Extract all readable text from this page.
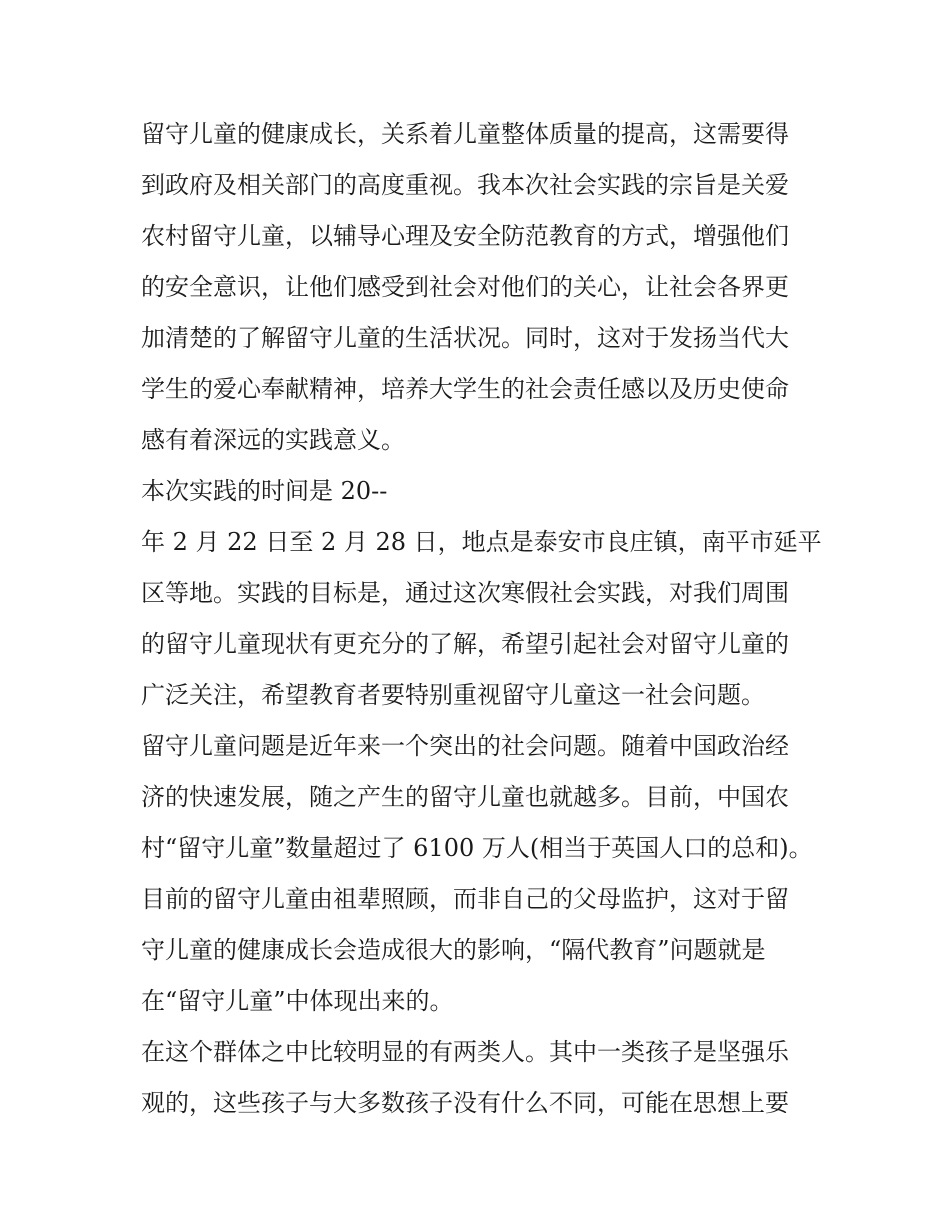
留守儿童的健康成长，关系着儿童整体质量的提高，这需要得
到政府及相关部门的高度重视。我本次社会实践的宗旨是关爱
农村留守儿童，以辅导心理及安全防范教育的方式，增强他们
的安全意识，让他们感受到社会对他们的关心，让社会各界更
加清楚的了解留守儿童的生活状况。同时，这对于发扬当代大
学生的爱心奉献精神，培养大学生的社会责任感以及历史使命
感有着深远的实践意义。
本次实践的时间是 20--
年 2 月 22 日至 2 月 28 日，地点是泰安市良庄镇，南平市延平
区等地。实践的目标是，通过这次寒假社会实践，对我们周围
的留守儿童现状有更充分的了解，希望引起社会对留守儿童的
广泛关注，希望教育者要特别重视留守儿童这一社会问题。
留守儿童问题是近年来一个突出的社会问题。随着中国政治经
济的快速发展，随之产生的留守儿童也就越多。目前，中国农
村“留守儿童”数量超过了 6100 万人(相当于英国人口的总和)。
目前的留守儿童由祖辈照顾，而非自己的父母监护，这对于留
守儿童的健康成长会造成很大的影响，“隔代教育”问题就是
在“留守儿童”中体现出来的。
在这个群体之中比较明显的有两类人。其中一类孩子是坚强乐
观的，这些孩子与大多数孩子没有什么不同，可能在思想上要
